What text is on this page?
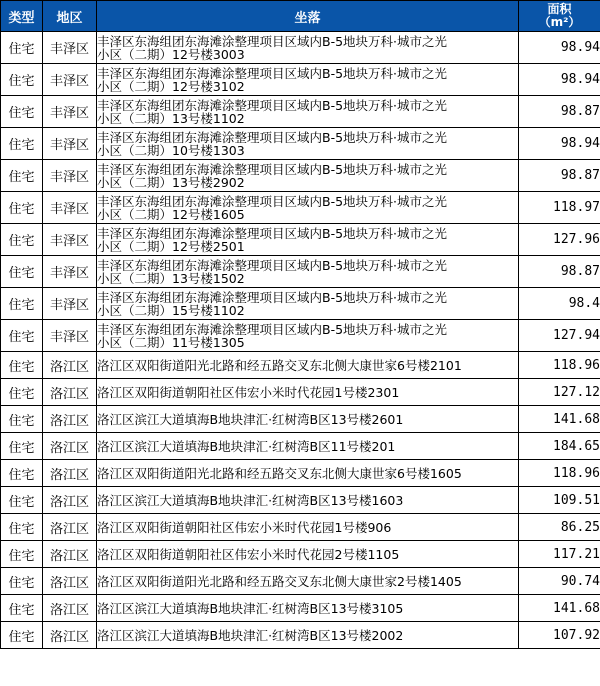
类型	地区	坐落	面积
（m²）

住宅	丰泽区	丰泽区东海组团东海滩涂整理项目区域内B-5地块万科·城市之光
小区（二期）12号楼3003	98.94
住宅	丰泽区	丰泽区东海组团东海滩涂整理项目区域内B-5地块万科·城市之光
小区（二期）12号楼3102	98.94
住宅	丰泽区	丰泽区东海组团东海滩涂整理项目区域内B-5地块万科·城市之光
小区（二期）13号楼1102	98.87
住宅	丰泽区	丰泽区东海组团东海滩涂整理项目区域内B-5地块万科·城市之光
小区（二期）10号楼1303	98.94
住宅	丰泽区	丰泽区东海组团东海滩涂整理项目区域内B-5地块万科·城市之光
小区（二期）13号楼2902	98.87
住宅	丰泽区	丰泽区东海组团东海滩涂整理项目区域内B-5地块万科·城市之光
小区（二期）12号楼1605	118.97
住宅	丰泽区	丰泽区东海组团东海滩涂整理项目区域内B-5地块万科·城市之光
小区（二期）12号楼2501	127.96
住宅	丰泽区	丰泽区东海组团东海滩涂整理项目区域内B-5地块万科·城市之光
小区（二期）13号楼1502	98.87
住宅	丰泽区	丰泽区东海组团东海滩涂整理项目区域内B-5地块万科·城市之光
小区（二期）15号楼1102	98.4
住宅	丰泽区	丰泽区东海组团东海滩涂整理项目区域内B-5地块万科·城市之光
小区（二期）11号楼1305	127.94
住宅	洛江区	洛江区双阳街道阳光北路和经五路交叉东北侧大康世家6号楼2101	118.96
住宅	洛江区	洛江区双阳街道朝阳社区伟宏小米时代花园1号楼2301	127.12
住宅	洛江区	洛江区滨江大道填海B地块津汇·红树湾B区13号楼2601	141.68
住宅	洛江区	洛江区滨江大道填海B地块津汇·红树湾B区11号楼201	184.65
住宅	洛江区	洛江区双阳街道阳光北路和经五路交叉东北侧大康世家6号楼1605	118.96
住宅	洛江区	洛江区滨江大道填海B地块津汇·红树湾B区13号楼1603	109.51
住宅	洛江区	洛江区双阳街道朝阳社区伟宏小米时代花园1号楼906	86.25
住宅	洛江区	洛江区双阳街道朝阳社区伟宏小米时代花园2号楼1105	117.21
住宅	洛江区	洛江区双阳街道阳光北路和经五路交叉东北侧大康世家2号楼1405	90.74
住宅	洛江区	洛江区滨江大道填海B地块津汇·红树湾B区13号楼3105	141.68
住宅	洛江区	洛江区滨江大道填海B地块津汇·红树湾B区13号楼2002	107.92
